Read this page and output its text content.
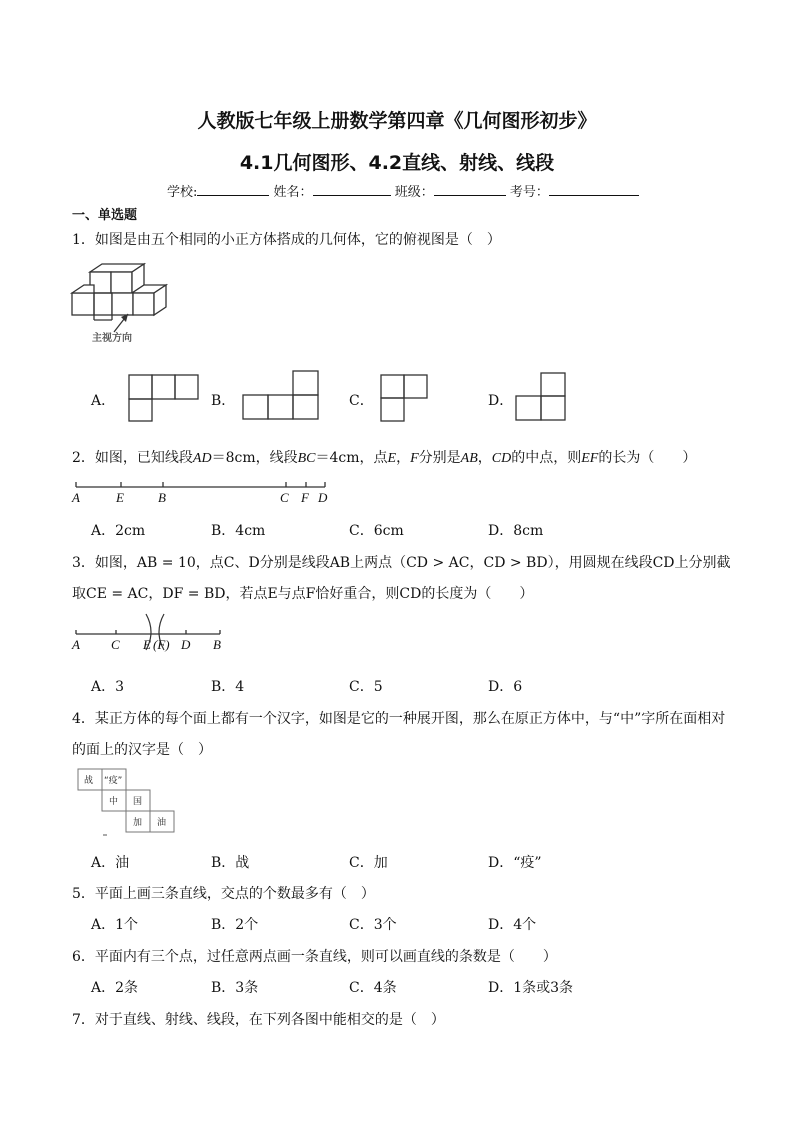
人教版七年级上册数学第四章《几何图形初步》
4.1几何图形、4.2直线、射线、线段
学校:	姓名：	班级：	考号：
一、单选题
1．如图是由五个相同的小正方体搭成的几何体，它的俯视图是（　）
主视方向
A．	B．	C．	D．
2．如图，已知线段AD＝8cm，线段BC＝4cm，点E，F分别是AB，CD的中点，则EF的长为（　　）
A	E	B	C F D
A．2cm	B．4cm	C．6cm	D．8cm
3．如图，AB = 10，点C、D分别是线段AB上两点（CD > AC，CD > BD），用圆规在线段CD上分别截
取CE = AC，DF = BD，若点E与点F恰好重合，则CD的长度为（　　）
A C E (F) D B
A．3	B．4	C．5	D．6
4．某正方体的每个面上都有一个汉字，如图是它的一种展开图，那么在原正方体中，与“中”字所在面相对
的面上的汉字是（　）
战 “疫”
中 国
加 油
A．油	B．战	C．加	D．“疫”
5．平面上画三条直线，交点的个数最多有（　）
A．1个	B．2个	C．3个	D．4个
6．平面内有三个点，过任意两点画一条直线，则可以画直线的条数是（　　）
A．2条	B．3条	C．4条	D．1条或3条
7．对于直线、射线、线段，在下列各图中能相交的是（　）
